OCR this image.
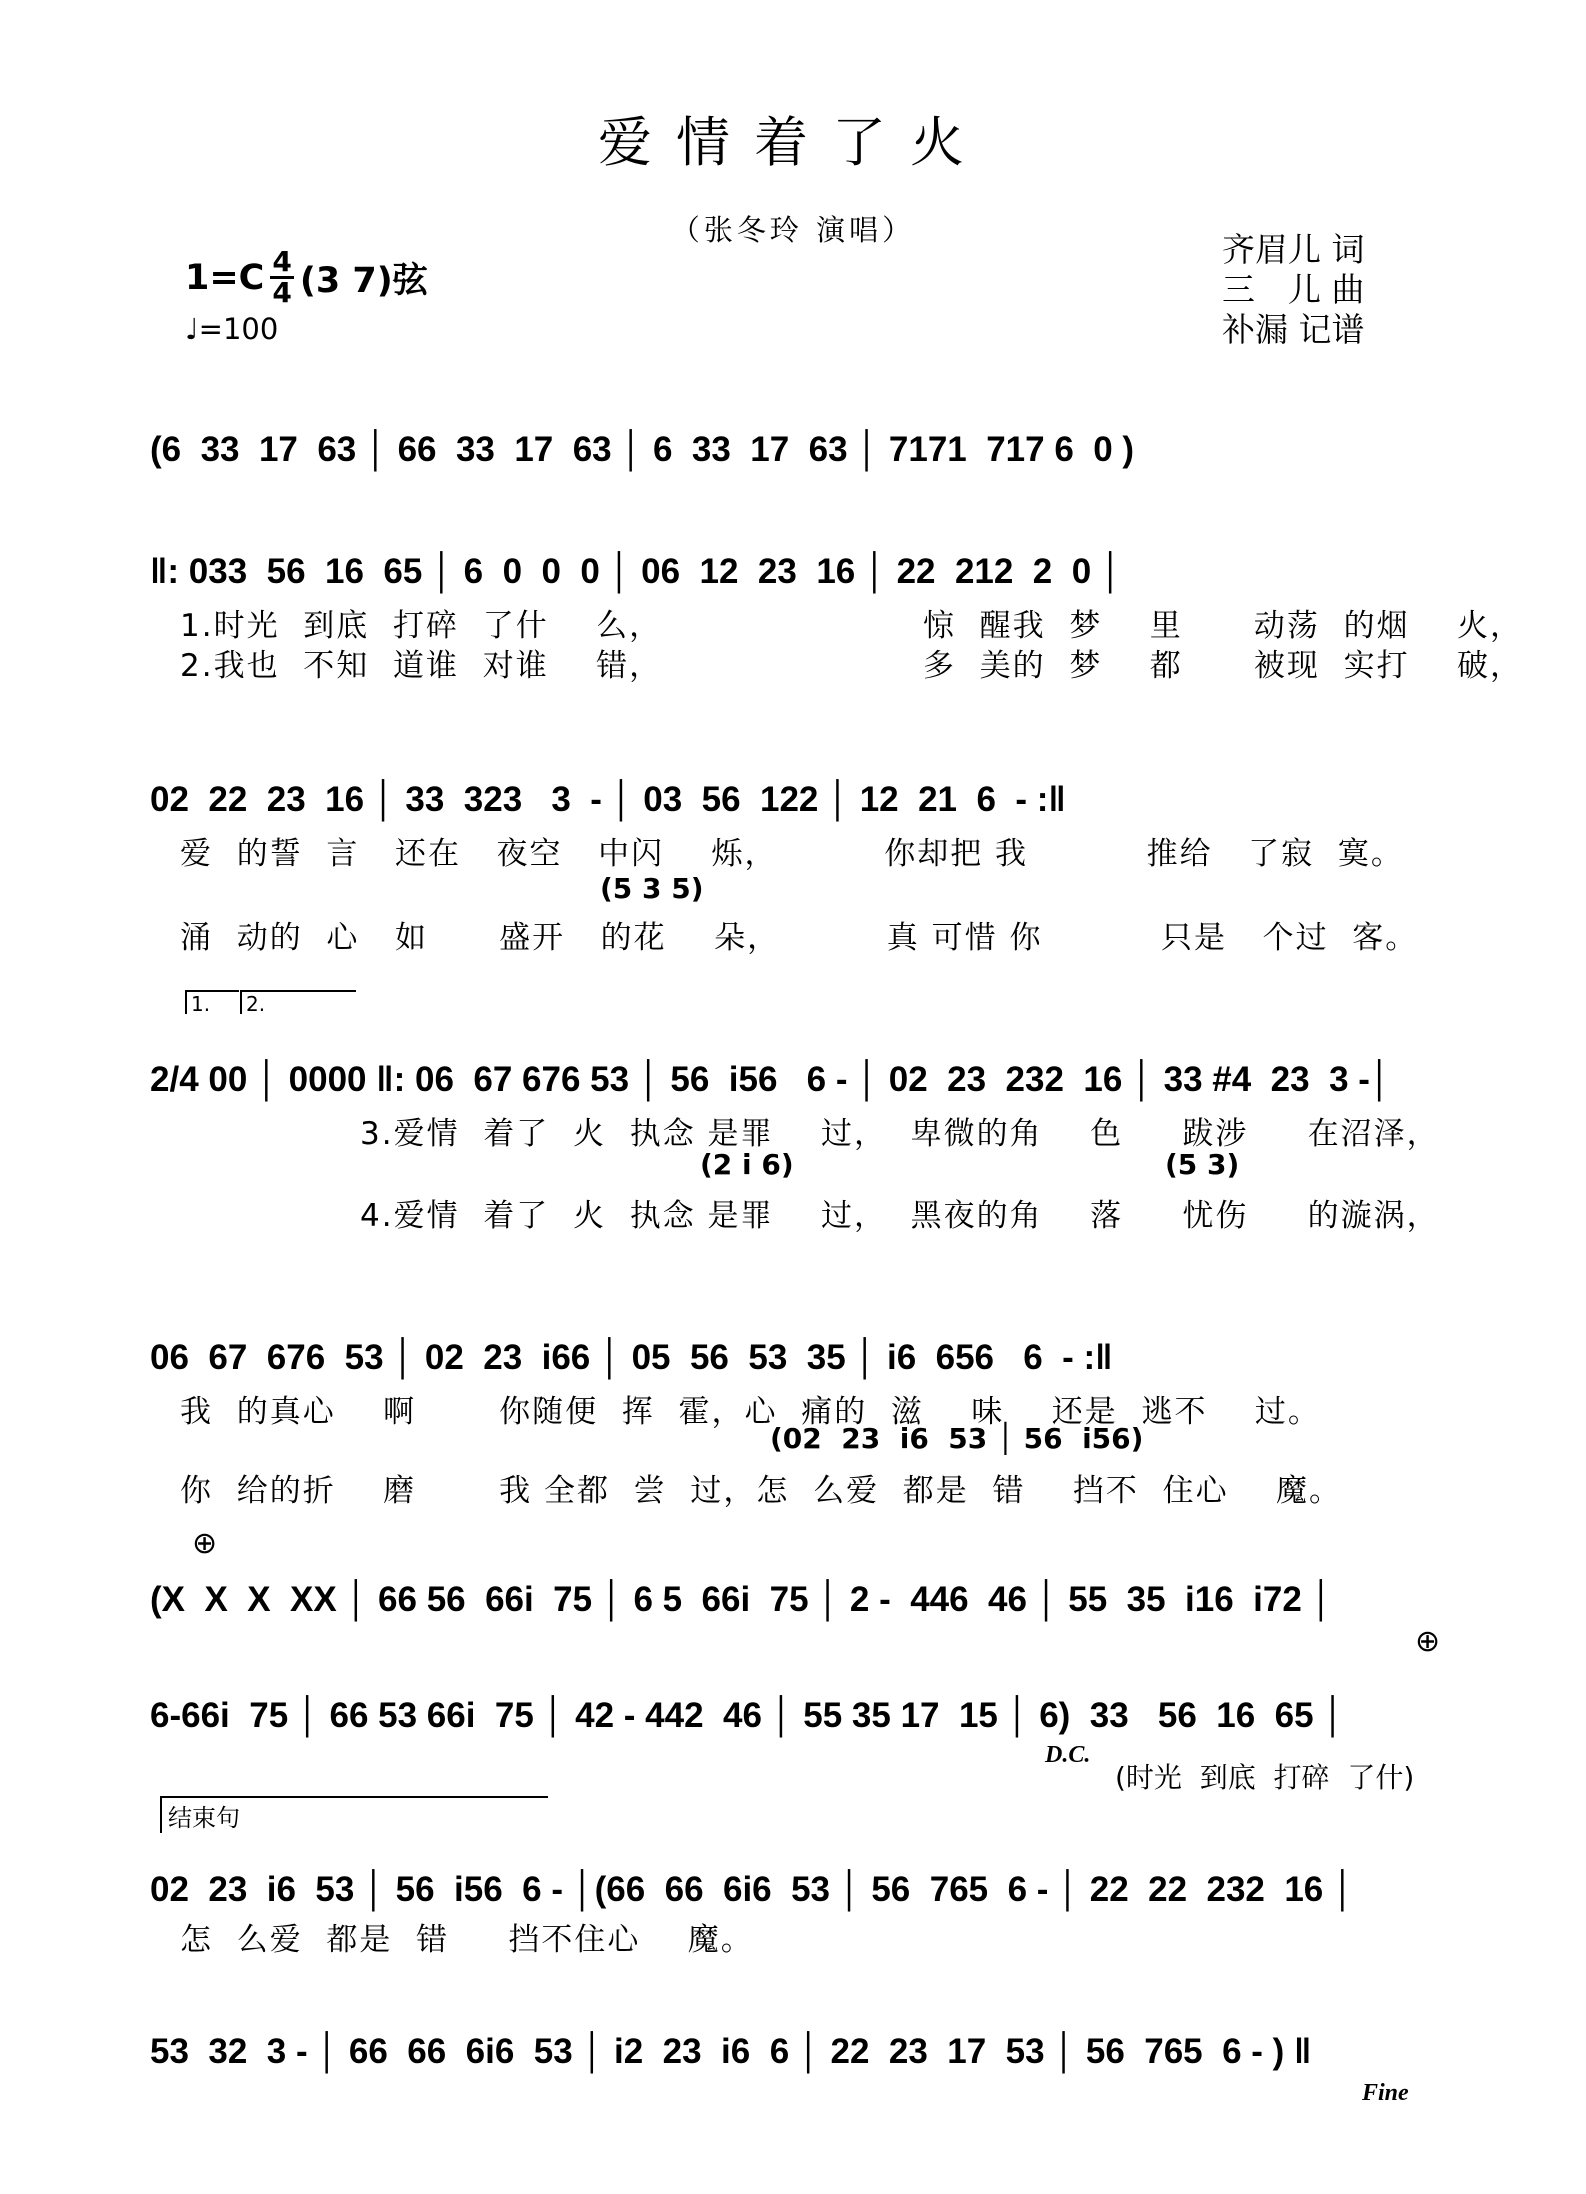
爱情着了火
（张冬玲 演唱）
$1=C \frac{4}{4} (3$ 7)弦
♩=100
齐眉儿 词
三　儿 曲
补漏 记谱
(6  33  17  63 │ 66  33  17  63 │ 6  33  17  63 │ 7171  717 6  0 )
‖: 033  56  16  65 │ 6  0  0  0 │ 06  12  23  16 │ 22  212  2  0 │
1.时光  到底  打碎  了什    么，                      惊  醒我  梦    里      动荡  的烟    火，
2.我也  不知  道谁  对谁    错，                      多  美的  梦    都      被现  实打    破，
02  22  23  16 │ 33  323   3  - │ 03  56  122 │ 12  21  6  - :‖
爱  的誓  言   还在   夜空   中闪    烁，         你却把 我          推给   了寂  寞。
(5 3 5)
涌  动的  心   如      盛开   的花    朵，         真 可惜 你          只是   个过  客。
1.	2.
2/4 00 │ 0000 ‖: 06  67 676 53 │ 56  i56   6 - │ 02  23  232  16 │ 33 #4  23  3 -│
3.爱情  着了  火  执念 是罪    过，  卑微的角    色     跋涉     在沼泽，
(2 i 6)	(5 3)
4.爱情  着了  火  执念 是罪    过，  黑夜的角    落     忧伤     的漩涡，
06  67  676  53 │ 02  23  i66 │ 05  56  53  35 │ i6  656   6  - :‖
我  的真心    啊       你随便  挥  霍，心  痛的  滋    味    还是  逃不    过。
(02  23  i6  53 │ 56  i56)
你  给的折    磨       我 全都  尝  过，怎  么爱  都是  错    挡不  住心    魔。
⊕
(X  X  X  XX │ 66 56  66i  75 │ 6 5  66i  75 │ 2 -  446  46 │ 55  35  i16  i72 │
⊕
6-66i  75 │ 66 53 66i  75 │ 42 - 442  46 │ 55 35 17  15 │ 6)  33   56  16  65 │
D.C.
(时光  到底  打碎  了什)
结束句
02  23  i6  53 │ 56  i56  6 - │(66  66  6i6  53 │ 56  765  6 - │ 22  22  232  16 │
怎  么爱  都是  错     挡不住心    魔。
53  32  3 - │ 66  66  6i6  53 │ i2  23  i6  6 │ 22  23  17  53 │ 56  765  6 - ) ‖
Fine
